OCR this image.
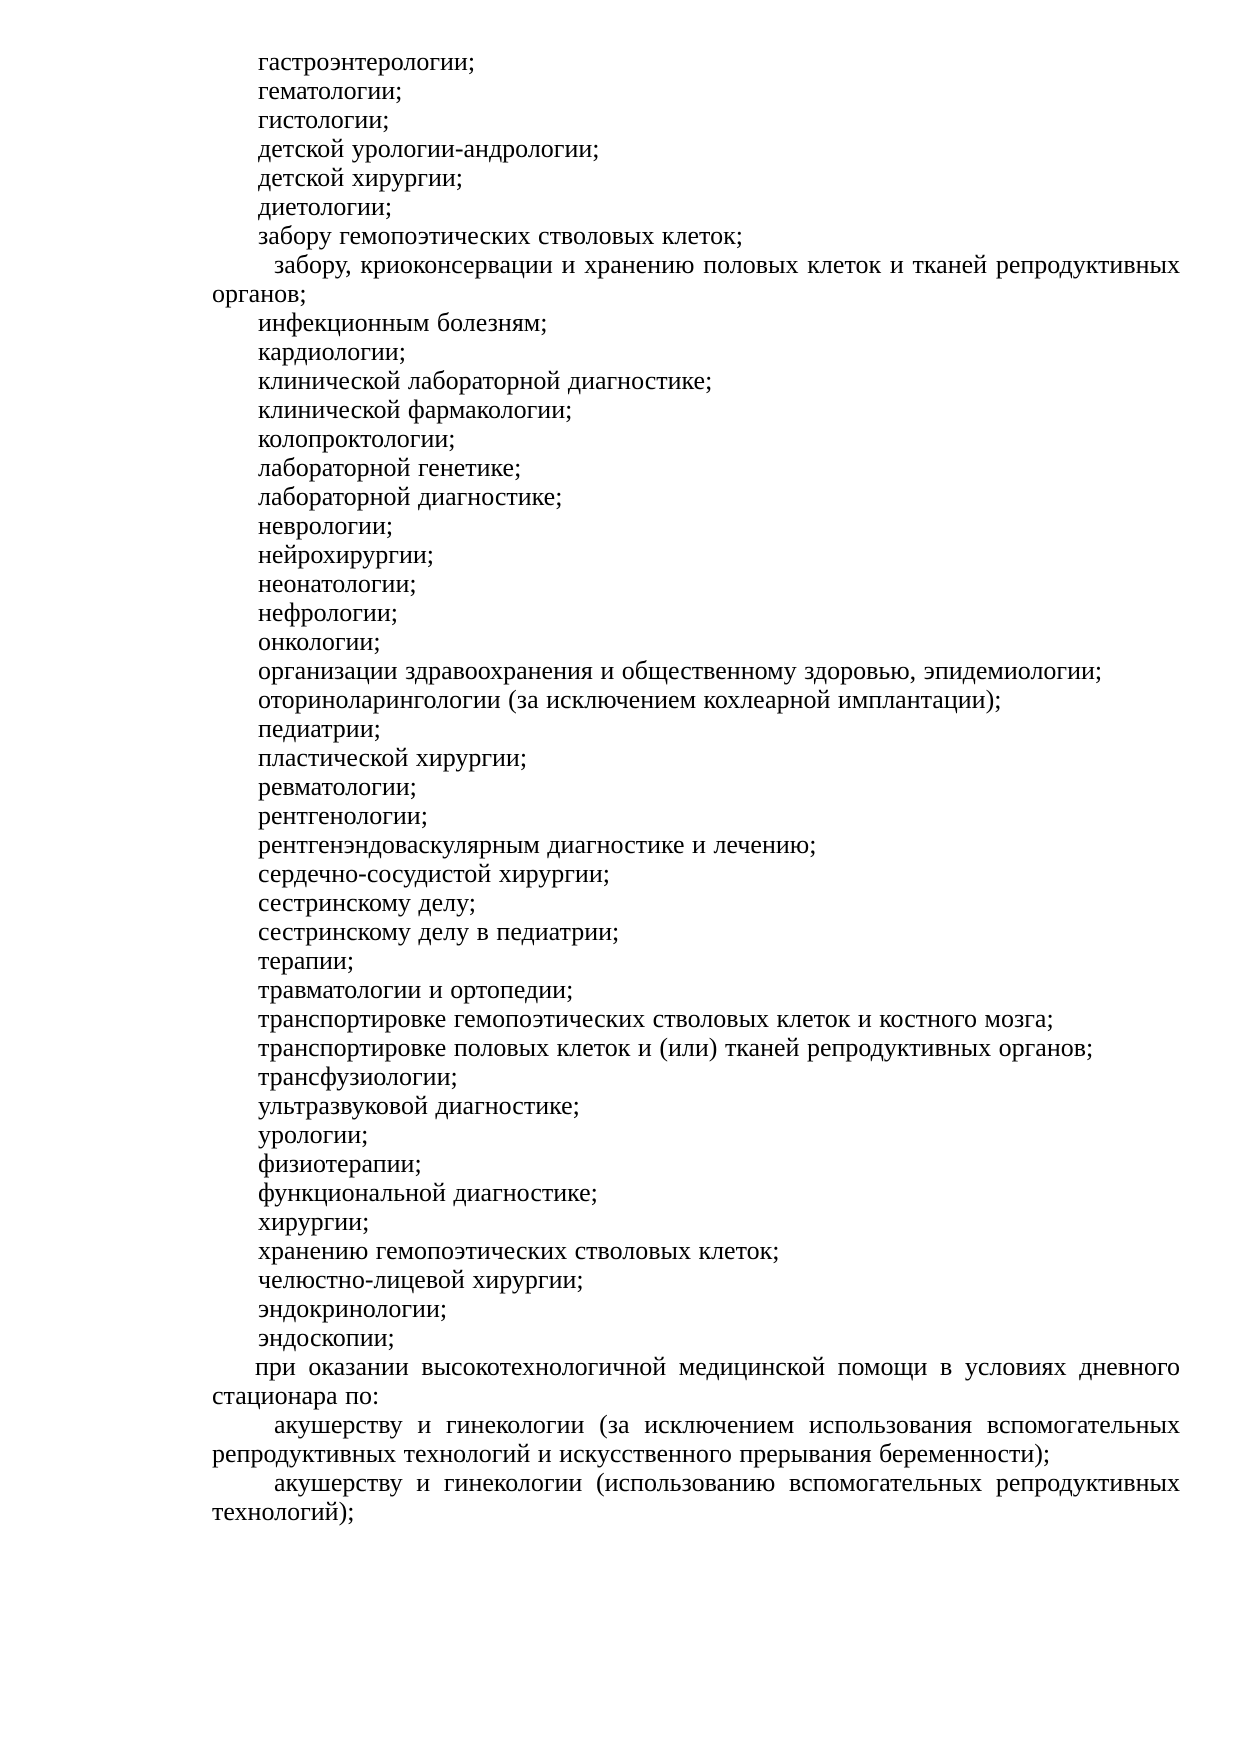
гастроэнтерологии;

гематологии;

гистологии;

детской урологии-андрологии;

детской хирургии;

диетологии;

забору гемопоэтических стволовых клеток;

забору, криоконсервации и хранению половых клеток и тканей репродуктивных органов;

инфекционным болезням;

кардиологии;

клинической лабораторной диагностике;

клинической фармакологии;

колопроктологии;

лабораторной генетике;

лабораторной диагностике;

неврологии;

нейрохирургии;

неонатологии;

нефрологии;

онкологии;

организации здравоохранения и общественному здоровью, эпидемиологии;

оториноларингологии (за исключением кохлеарной имплантации);

педиатрии;

пластической хирургии;

ревматологии;

рентгенологии;

рентгенэндоваскулярным диагностике и лечению;

сердечно-сосудистой хирургии;

сестринскому делу;

сестринскому делу в педиатрии;

терапии;

травматологии и ортопедии;

транспортировке гемопоэтических стволовых клеток и костного мозга;

транспортировке половых клеток и (или) тканей репродуктивных органов;

трансфузиологии;

ультразвуковой диагностике;

урологии;

физиотерапии;

функциональной диагностике;

хирургии;

хранению гемопоэтических стволовых клеток;

челюстно-лицевой хирургии;

эндокринологии;

эндоскопии;

при оказании высокотехнологичной медицинской помощи в условиях дневного стационара по:

акушерству и гинекологии (за исключением использования вспомогательных репродуктивных технологий и искусственного прерывания беременности);

акушерству и гинекологии (использованию вспомогательных репродуктивных технологий);
